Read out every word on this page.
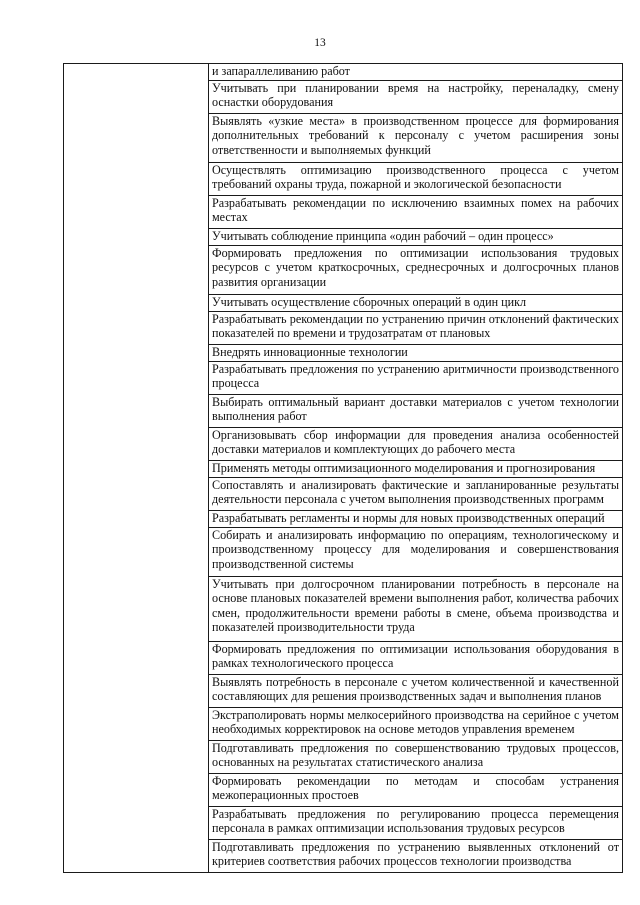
13
	и запараллеливанию работ
Учитывать при планировании время на настройку, переналадку, смену оснастки оборудования
Выявлять «узкие места» в производственном процессе для формирования дополнительных требований к персоналу с учетом расширения зоны ответственности и выполняемых функций
Осуществлять оптимизацию производственного процесса с учетом требований охраны труда, пожарной и экологической безопасности
Разрабатывать рекомендации по исключению взаимных помех на рабочих местах
Учитывать соблюдение принципа «один рабочий – один процесс»
Формировать предложения по оптимизации использования трудовых ресурсов с учетом краткосрочных, среднесрочных и долгосрочных планов развития организации
Учитывать осуществление сборочных операций в один цикл
Разрабатывать рекомендации по устранению причин отклонений фактических показателей по времени и трудозатратам от плановых
Внедрять инновационные технологии
Разрабатывать предложения по устранению аритмичности производственного процесса
Выбирать оптимальный вариант доставки материалов с учетом технологии выполнения работ
Организовывать сбор информации для проведения анализа особенностей доставки материалов и комплектующих до рабочего места
Применять методы оптимизационного моделирования и прогнозирования
Сопоставлять и анализировать фактические и запланированные результаты деятельности персонала с учетом выполнения производственных программ
Разрабатывать регламенты и нормы для новых производственных операций
Собирать и анализировать информацию по операциям, технологическому и производственному процессу для моделирования и совершенствования производственной системы
Учитывать при долгосрочном планировании потребность в персонале на основе плановых показателей времени выполнения работ, количества рабочих смен, продолжительности времени работы в смене, объема производства и показателей производительности труда
Формировать предложения по оптимизации использования оборудования в рамках технологического процесса
Выявлять потребность в персонале с учетом количественной и качественной составляющих для решения производственных задач и выполнения планов
Экстраполировать нормы мелкосерийного производства на серийное с учетом необходимых корректировок на основе методов управления временем
Подготавливать предложения по совершенствованию трудовых процессов, основанных на результатах статистического анализа
Формировать рекомендации по методам и способам устранения межоперационных простоев
Разрабатывать предложения по регулированию процесса перемещения персонала в рамках оптимизации использования трудовых ресурсов
Подготавливать предложения по устранению выявленных отклонений от критериев соответствия рабочих процессов технологии производства
